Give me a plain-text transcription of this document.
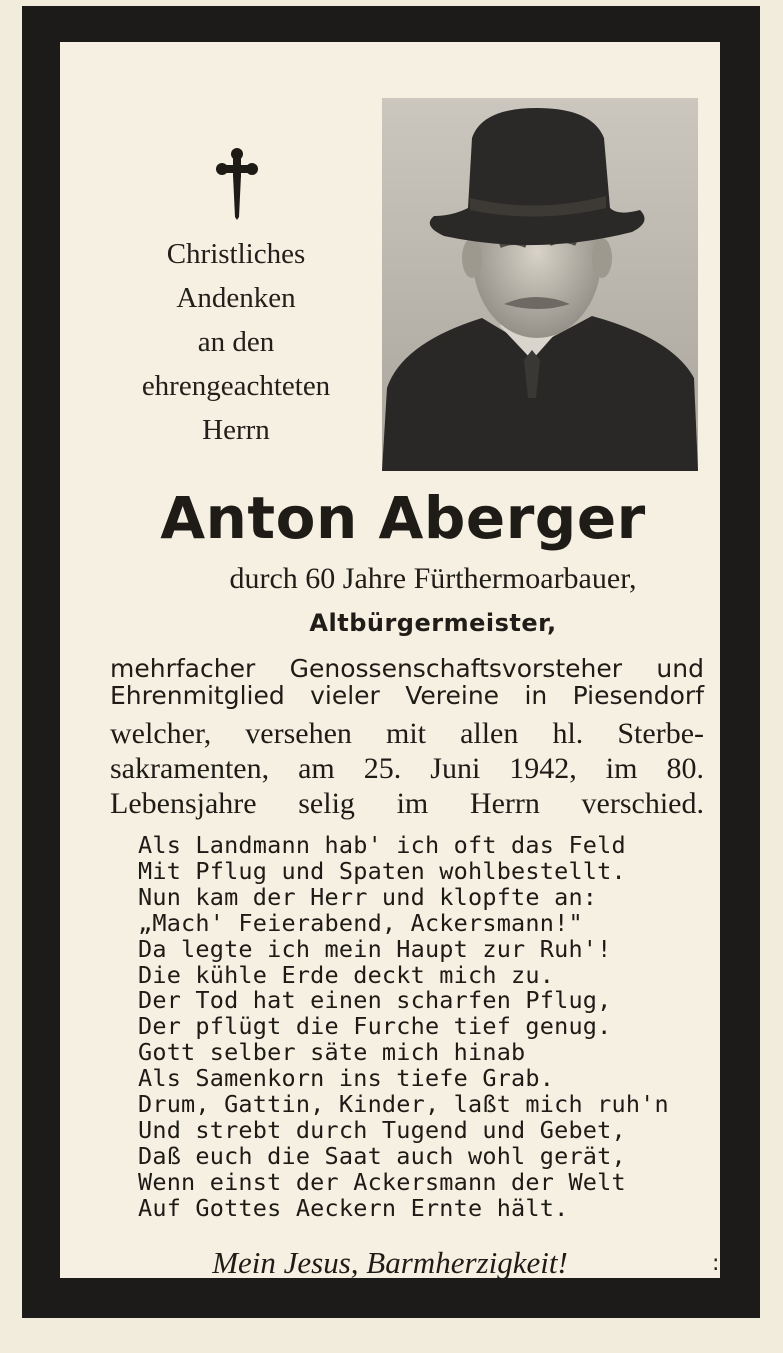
Christliches
Andenken
an den
ehrengeachteten
Herrn
Anton Aberger
durch 60 Jahre Fürthermoarbauer,
Altbürgermeister,
mehrfacher Genossenschaftsvorsteher und
Ehrenmitglied vieler Vereine in Piesendorf
welcher, versehen mit allen hl. Sterbe-
sakramenten, am 25. Juni 1942, im 80.
Lebensjahre selig im Herrn verschied.
Als Landmann hab' ich oft das Feld
Mit Pflug und Spaten wohlbestellt.
Nun kam der Herr und klopfte an:
„Mach' Feierabend, Ackersmann!"
Da legte ich mein Haupt zur Ruh'!
Die kühle Erde deckt mich zu.
Der Tod hat einen scharfen Pflug,
Der pflügt die Furche tief genug.
Gott selber säte mich hinab
Als Samenkorn ins tiefe Grab.
Drum, Gattin, Kinder, laßt mich ruh'n
Und strebt durch Tugend und Gebet,
Daß euch die Saat auch wohl gerät,
Wenn einst der Ackersmann der Welt
Auf Gottes Aeckern Ernte hält.
Mein Jesus, Barmherzigkeit!	:
